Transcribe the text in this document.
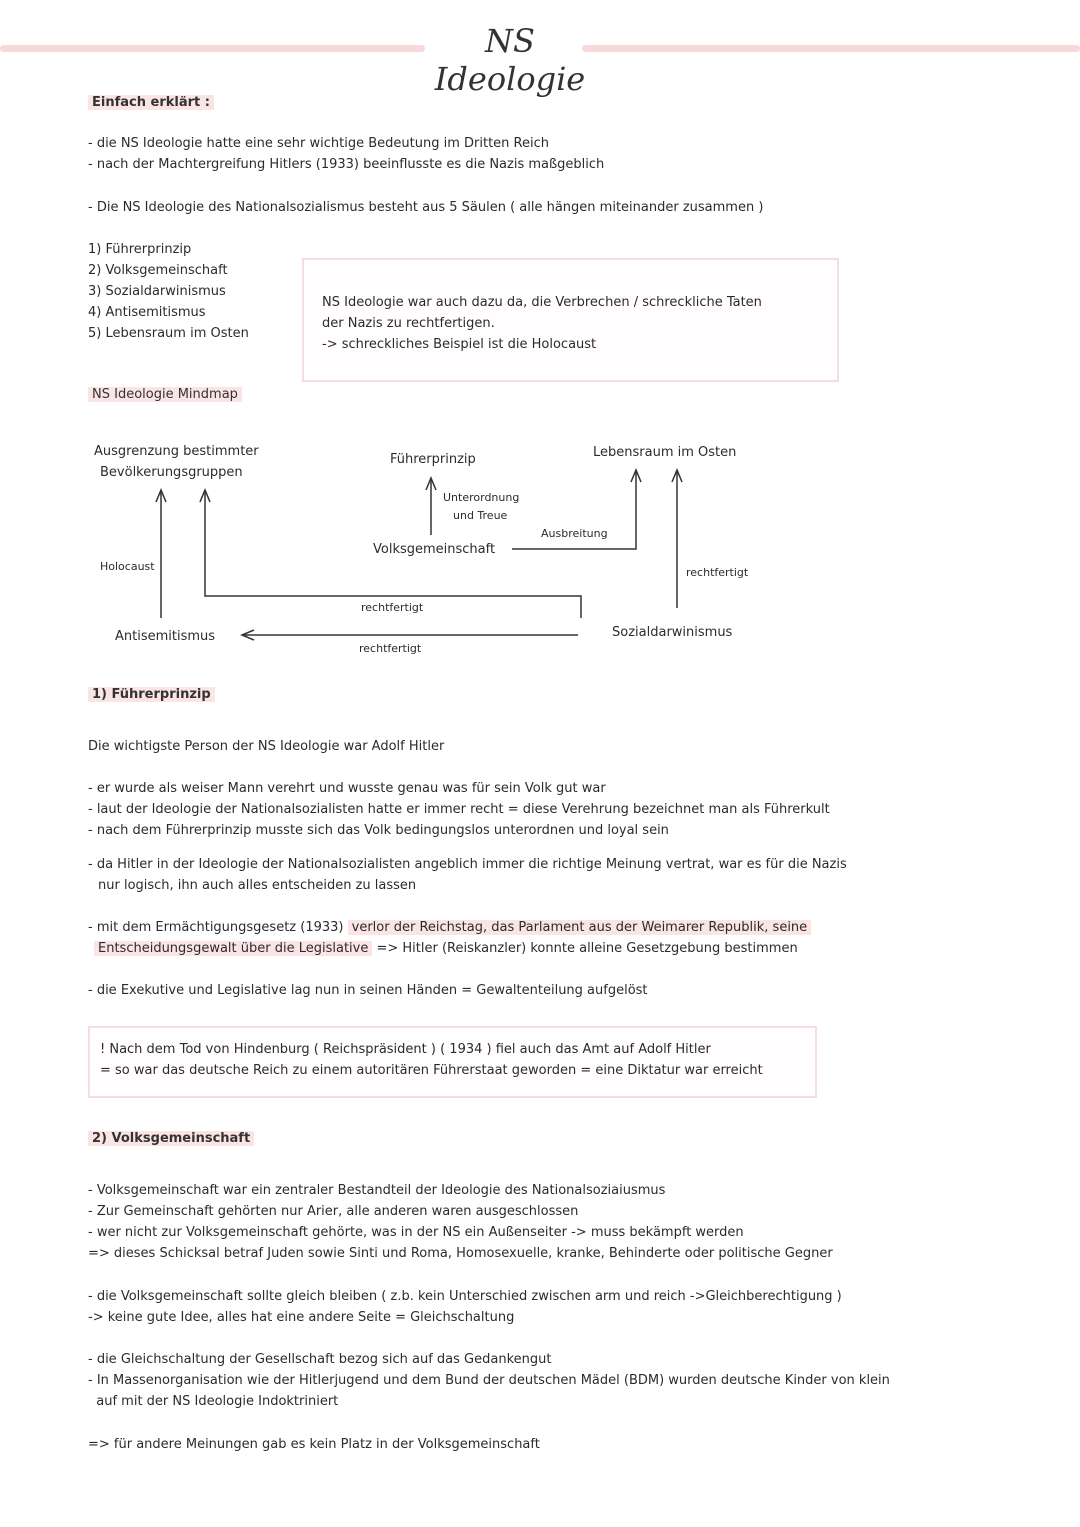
NS Ideologie
Einfach erklärt :
- die NS Ideologie hatte eine sehr wichtige Bedeutung im Dritten Reich
- nach der Machtergreifung Hitlers (1933) beeinflusste es die Nazis maßgeblich
- Die NS Ideologie des Nationalsozialismus besteht aus 5 Säulen ( alle hängen miteinander zusammen )
1) Führerprinzip
2) Volksgemeinschaft
3) Sozialdarwinismus
4) Antisemitismus
5) Lebensraum im Osten
NS Ideologie war auch dazu da, die Verbrechen / schreckliche Taten
der Nazis zu rechtfertigen.
-> schreckliches Beispiel ist die Holocaust
NS Ideologie Mindmap
Ausgrenzung bestimmter
Bevölkerungsgruppen
Führerprinzip	Lebensraum im Osten
Unterordnung
und Treue
Ausbreitung
Volksgemeinschaft
Holocaust	rechtfertigt
rechtfertigt
Antisemitismus	Sozialdarwinismus
rechtfertigt
1) Führerprinzip
Die wichtigste Person der NS Ideologie war Adolf Hitler
- er wurde als weiser Mann verehrt und wusste genau was für sein Volk gut war
- laut der Ideologie der Nationalsozialisten hatte er immer recht = diese Verehrung bezeichnet man als Führerkult
- nach dem Führerprinzip musste sich das Volk bedingungslos unterordnen und loyal sein
- da Hitler in der Ideologie der Nationalsozialisten angeblich immer die richtige Meinung vertrat, war es für die Nazis
nur logisch, ihn auch alles entscheiden zu lassen
- mit dem Ermächtigungsgesetz (1933) verlor der Reichstag, das Parlament aus der Weimarer Republik, seine
Entscheidungsgewalt über die Legislative => Hitler (Reiskanzler) konnte alleine Gesetzgebung bestimmen
- die Exekutive und Legislative lag nun in seinen Händen = Gewaltenteilung aufgelöst
! Nach dem Tod von Hindenburg ( Reichspräsident ) ( 1934 ) fiel auch das Amt auf Adolf Hitler
= so war das deutsche Reich zu einem autoritären Führerstaat geworden = eine Diktatur war erreicht
2) Volksgemeinschaft
- Volksgemeinschaft war ein zentraler Bestandteil der Ideologie des Nationalsoziaiusmus
- Zur Gemeinschaft gehörten nur Arier, alle anderen waren ausgeschlossen
- wer nicht zur Volksgemeinschaft gehörte, was in der NS ein Außenseiter -> muss bekämpft werden
=> dieses Schicksal betraf Juden sowie Sinti und Roma, Homosexuelle, kranke, Behinderte oder politische Gegner
- die Volksgemeinschaft sollte gleich bleiben ( z.b. kein Unterschied zwischen arm und reich ->Gleichberechtigung )
-> keine gute Idee, alles hat eine andere Seite = Gleichschaltung
- die Gleichschaltung der Gesellschaft bezog sich auf das Gedankengut
- In Massenorganisation wie der Hitlerjugend und dem Bund der deutschen Mädel (BDM) wurden deutsche Kinder von klein
auf mit der NS Ideologie Indoktriniert
=> für andere Meinungen gab es kein Platz in der Volksgemeinschaft
